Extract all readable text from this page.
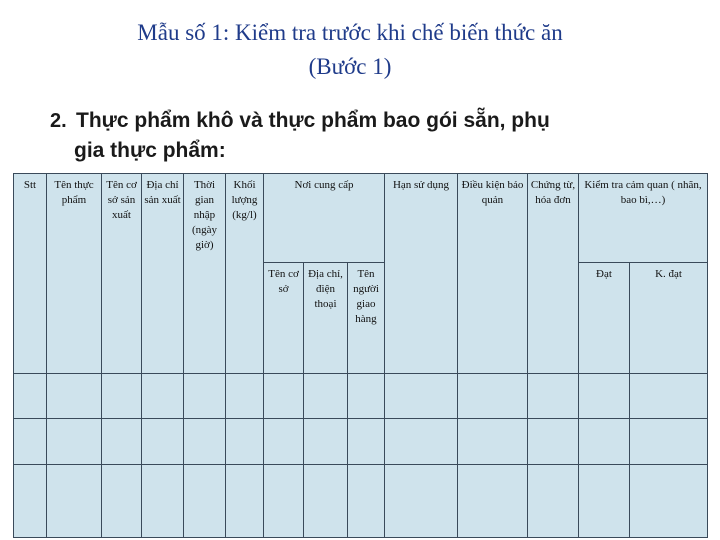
Mẫu số 1: Kiểm tra trước khi chế biến thức ăn
(Bước 1)
2. Thực phẩm khô và thực phẩm bao gói sẵn, phụ
gia thực phẩm:
Stt	Tên thực phẩm	Tên cơ sở sản xuất	Địa chỉ sản xuất	Thời gian nhập (ngày giờ)	Khối lượng (kg/l)	Nơi cung cấp			Hạn sử dụng	Điều kiện bảo quản	Chứng từ, hóa đơn	Kiểm tra cảm quan ( nhãn, bao bì,…)	
						Tên cơ sở	Địa chỉ, điện thoại	Tên người giao hàng				Đạt	K. đạt	
